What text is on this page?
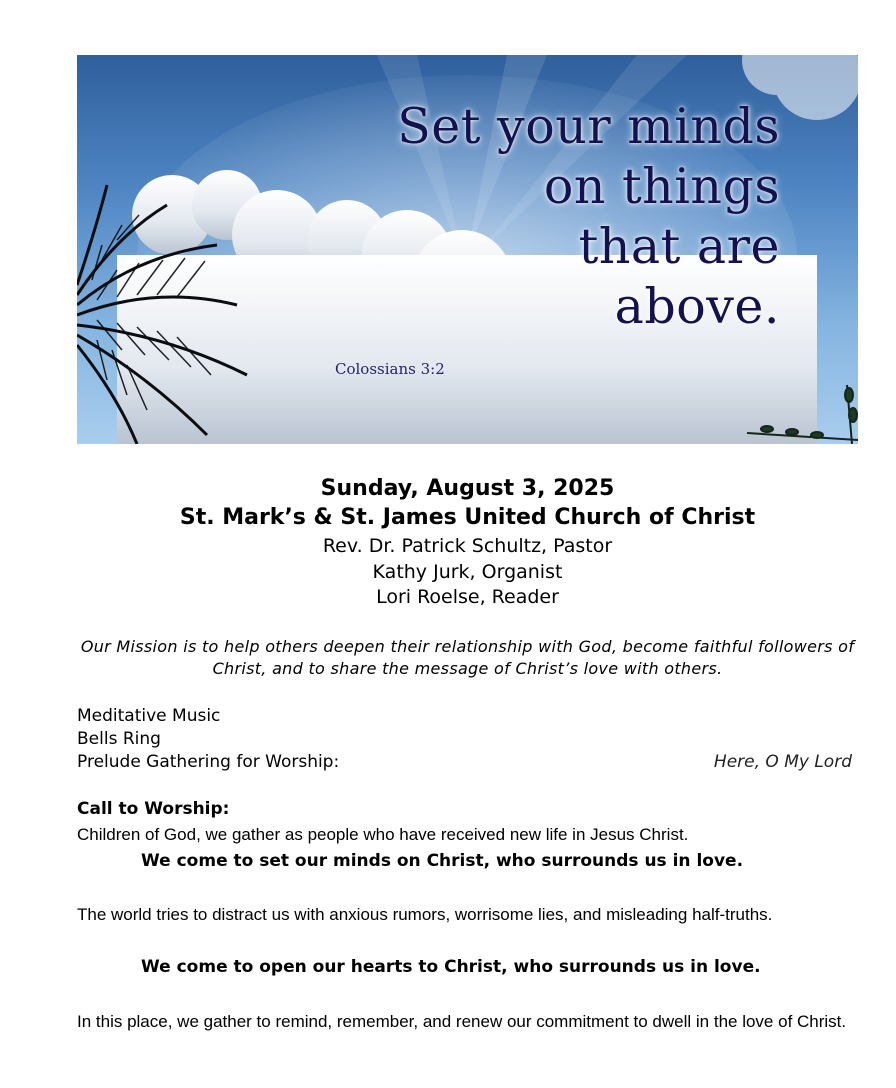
Set your minds
on things
that are
above.
Colossians 3:2
Sunday, August 3, 2025
St. Mark’s & St. James United Church of Christ
Rev. Dr. Patrick Schultz, Pastor
Kathy Jurk, Organist
Lori Roelse, Reader
Our Mission is to help others deepen their relationship with God, become faithful followers of Christ, and to share the message of Christ’s love with others.
Meditative Music
Bells Ring
Prelude Gathering for Worship:	Here, O My Lord
Call to Worship:
Children of God, we gather as people who have received new life in Jesus Christ.
We come to set our minds on Christ, who surrounds us in love.
The world tries to distract us with anxious rumors, worrisome lies, and misleading half-truths.
We come to open our hearts to Christ, who surrounds us in love.
In this place, we gather to remind, remember, and renew our commitment to dwell in the love of Christ.
